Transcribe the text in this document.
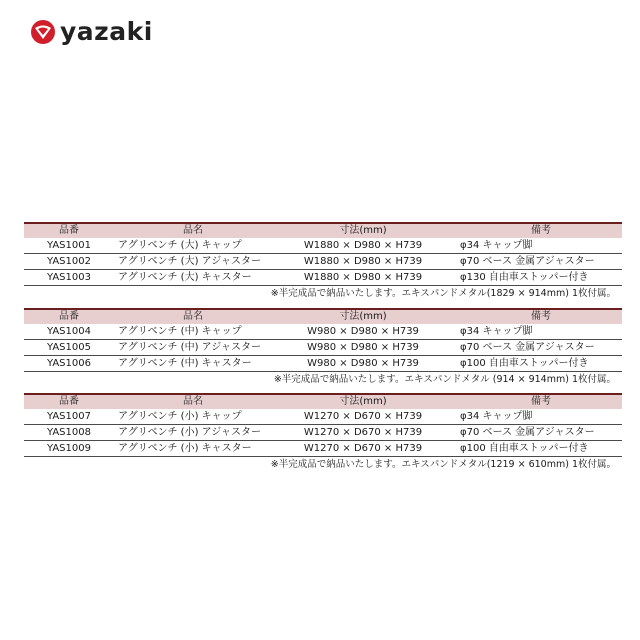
yazaki
品番	品名	寸法(mm)	備考
YAS1001	アグリベンチ (大) キャップ	W1880 × D980 × H739	φ34 キャップ脚
YAS1002	アグリベンチ (大) アジャスター	W1880 × D980 × H739	φ70 ベース 金属アジャスター
YAS1003	アグリベンチ (大) キャスター	W1880 × D980 × H739	φ130 自由車ストッパー付き
※半完成品で納品いたします。エキスパンドメタル(1829 × 914mm) 1枚付属。
品番	品名	寸法(mm)	備考
YAS1004	アグリベンチ (中) キャップ	W980 × D980 × H739	φ34 キャップ脚
YAS1005	アグリベンチ (中) アジャスター	W980 × D980 × H739	φ70 ベース 金属アジャスター
YAS1006	アグリベンチ (中) キャスター	W980 × D980 × H739	φ100 自由車ストッパー付き
※半完成品で納品いたします。エキスパンドメタル (914 × 914mm) 1枚付属。
品番	品名	寸法(mm)	備考
YAS1007	アグリベンチ (小) キャップ	W1270 × D670 × H739	φ34 キャップ脚
YAS1008	アグリベンチ (小) アジャスター	W1270 × D670 × H739	φ70 ベース 金属アジャスター
YAS1009	アグリベンチ (小) キャスター	W1270 × D670 × H739	φ100 自由車ストッパー付き
※半完成品で納品いたします。エキスパンドメタル(1219 × 610mm) 1枚付属。
